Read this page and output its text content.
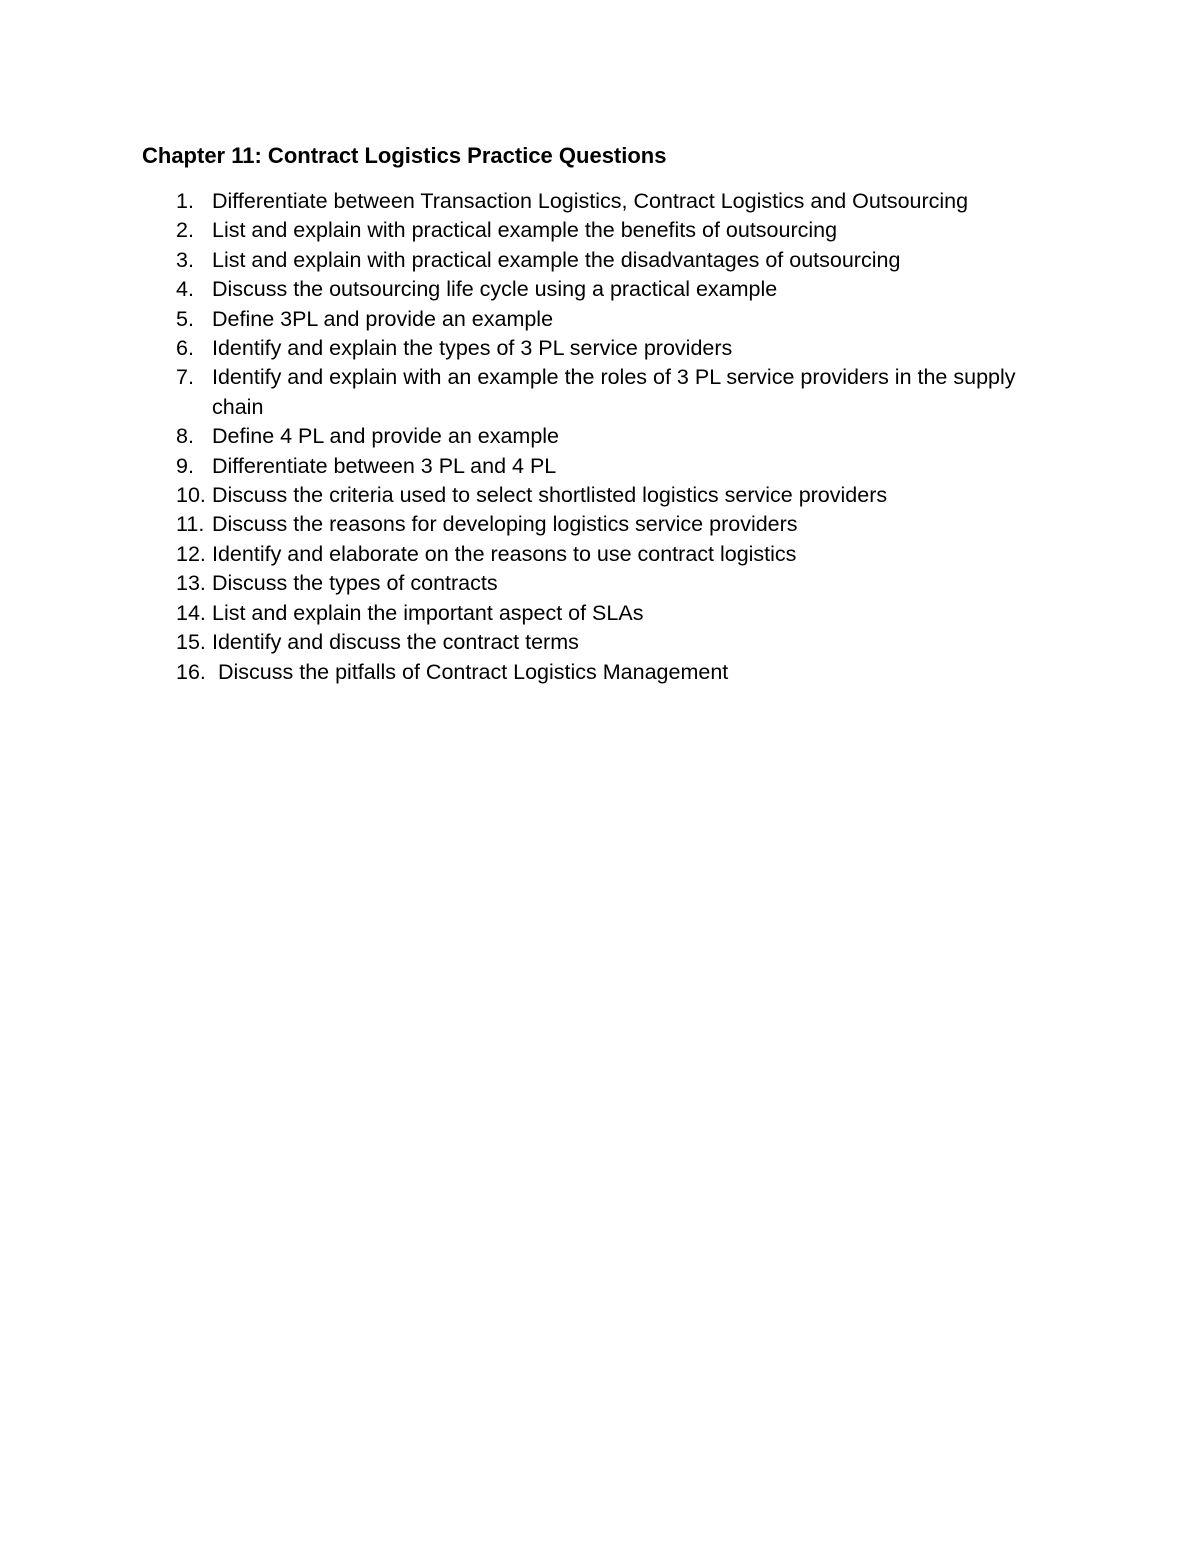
Chapter 11: Contract Logistics Practice Questions
1. Differentiate between Transaction Logistics, Contract Logistics and Outsourcing
2. List and explain with practical example the benefits of outsourcing
3. List and explain with practical example the disadvantages of outsourcing
4. Discuss the outsourcing life cycle using a practical example
5. Define 3PL and provide an example
6. Identify and explain the types of 3 PL service providers
7. Identify and explain with an example the roles of 3 PL service providers in the supply chain
8. Define 4 PL and provide an example
9. Differentiate between 3 PL and 4 PL
10. Discuss the criteria used to select shortlisted logistics service providers
11. Discuss the reasons for developing logistics service providers
12. Identify and elaborate on the reasons to use contract logistics
13. Discuss the types of contracts
14. List and explain the important aspect of SLAs
15. Identify and discuss the contract terms
16. Discuss the pitfalls of Contract Logistics Management
